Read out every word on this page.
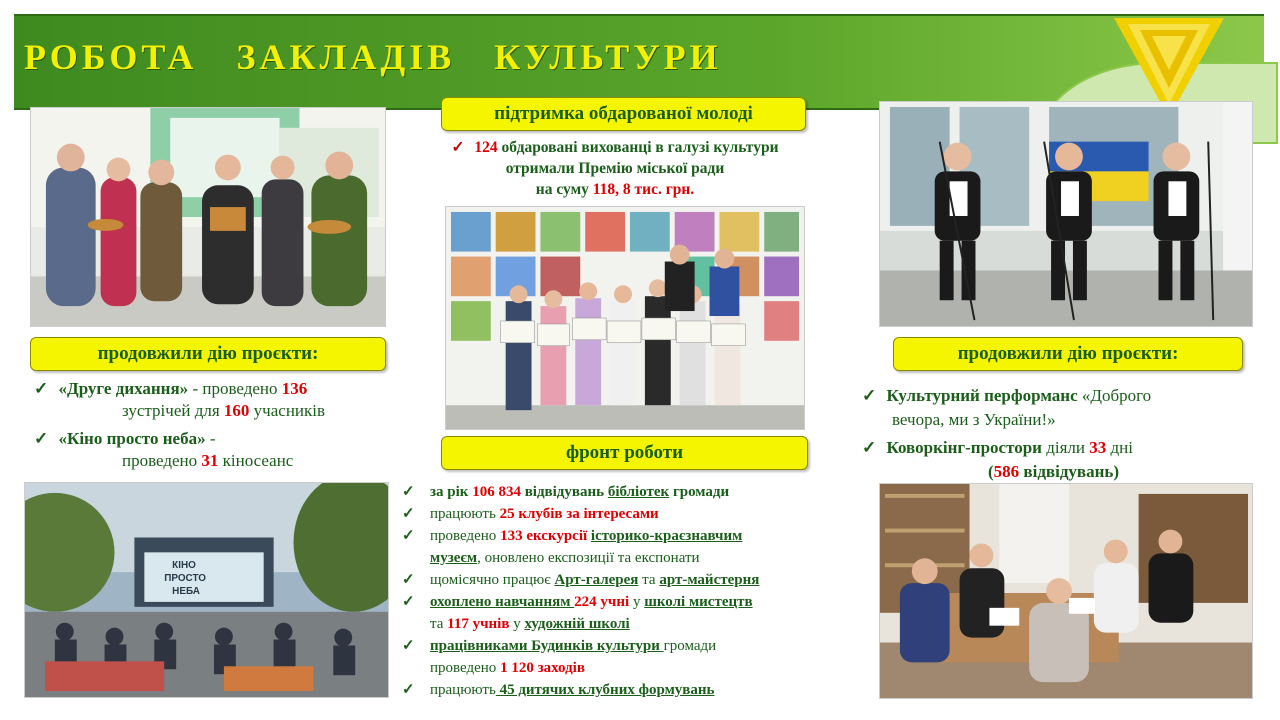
РОБОТА   ЗАКЛАДІВ   КУЛЬТУРИ
продовжили дію проєкти:
✓ «Друге дихання» - проведено 136
зустрічей для 160 учасників
✓ «Кіно просто неба» -
проведено 31 кіносеанс
КІНО
ПРОСТО
НЕБА
підтримка обдарованої молоді
✓ 124 обдаровані вихованці в галузі культури
отримали Премію міської ради
на суму 118, 8 тис. грн.
фронт роботи
✓ за рік 106 834 відвідувань бібліотек громади
✓ працюють 25 клубів за інтересами
✓ проведено 133 екскурсії історико-краєзнавчим
музеєм, оновлено експозиції та експонати
✓ щомісячно працює Арт-галерея та арт-майстерня
✓ охоплено навчанням 224 учні у школі мистецтв
та 117 учнів у художній школі
✓ працівниками Будинків культури громади
проведено 1 120 заходів
✓ працюють 45 дитячих клубних формувань
продовжили дію проєкти:
✓ Культурний перформанс «Доброго
вечора, ми з України!»
✓ Коворкінг-простори діяли 33 дні
(586 відвідувань)
